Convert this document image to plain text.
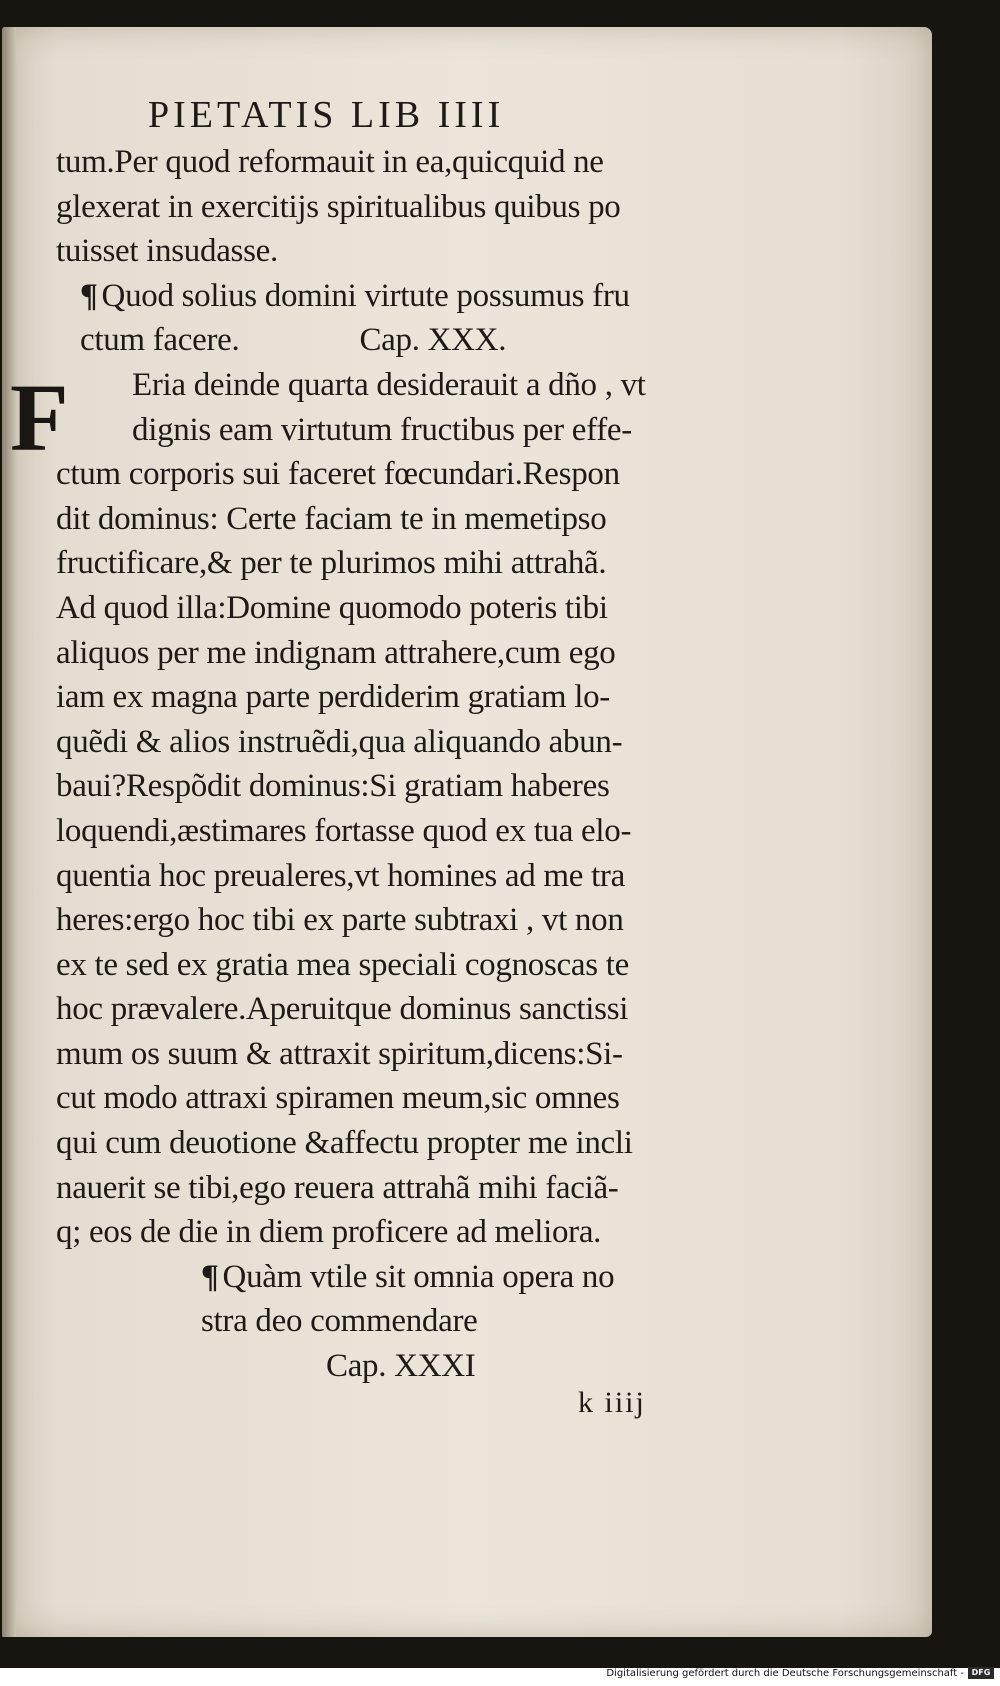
F
PIETATIS LIB IIII
tum.Per quod reformauit in ea,quicquid ne
glexerat in exercitijs spiritualibus quibus po
tuisset insudasse.
¶ Quod solius domini virtute possumus fru
ctum facere.	Cap. XXX.
Eria deinde quarta desiderauit a dño , vt
dignis eam virtutum fructibus per effe-
ctum corporis sui faceret fœcundari.Respon
dit dominus: Certe faciam te in memetipso
fructificare,& per te plurimos mihi attrahã.
Ad quod illa:Domine quomodo poteris tibi
aliquos per me indignam attrahere,cum ego
iam ex magna parte perdiderim gratiam lo-
quẽdi & alios instruẽdi,qua aliquando abun-
baui?Respõdit dominus:Si gratiam haberes
loquendi,æstimares fortasse quod ex tua elo-
quentia hoc preualeres,vt homines ad me tra
heres:ergo hoc tibi ex parte subtraxi , vt non
ex te sed ex gratia mea speciali cognoscas te
hoc prævalere.Aperuitque dominus sanctissi
mum os suum & attraxit spiritum,dicens:Si-
cut modo attraxi spiramen meum,sic omnes
qui cum deuotione &affectu propter me incli
nauerit se tibi,ego reuera attrahã mihi faciã-
q; eos de die in diem proficere ad meliora.
¶ Quàm vtile sit omnia opera no
stra deo commendare
Cap. XXXI
k iiij
Digitalisierung gefördert durch die Deutsche Forschungsgemeinschaft - DFG
